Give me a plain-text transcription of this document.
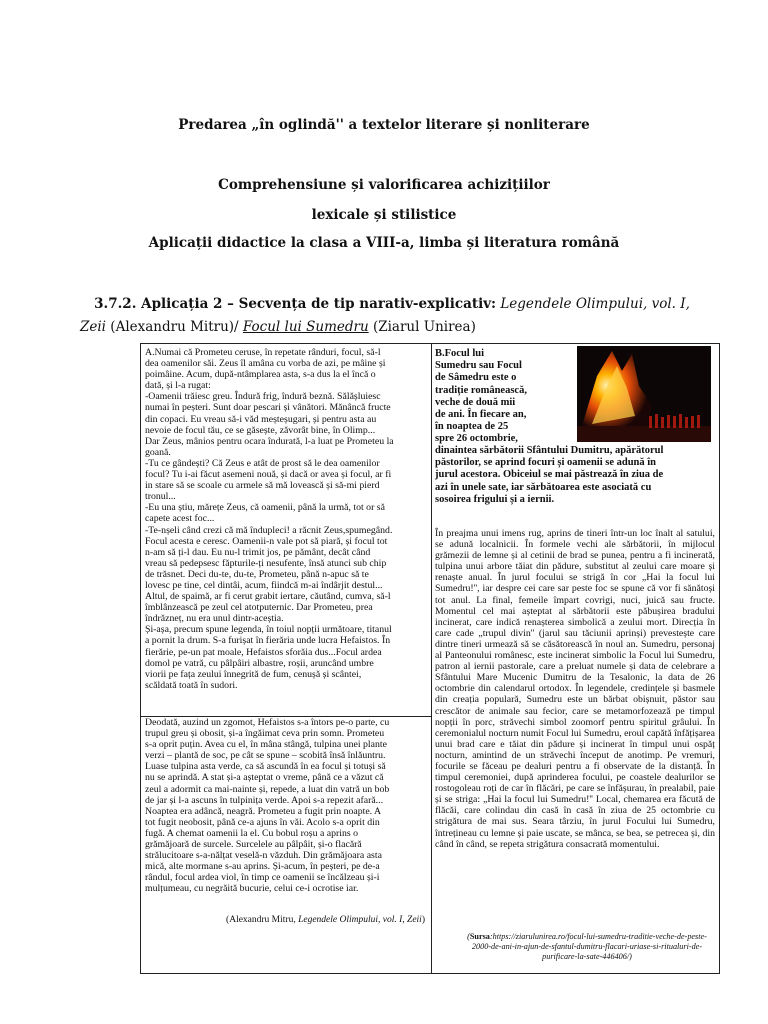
Predarea „în oglindă'' a textelor literare și nonliterare
Comprehensiune și valorificarea achizițiilor
lexicale și stilistice
Aplicații didactice la clasa a VIII-a, limba și literatura română
3.7.2. Aplicația 2 – Secvența de tip narativ-explicativ: Legendele Olimpului, vol. I,
Zeii (Alexandru Mitru)/ Focul lui Sumedru (Ziarul Unirea)

A.Numai că Prometeu ceruse, în repetate rânduri, focul, să-l
dea oamenilor săi. Zeus îl amâna cu vorba de azi, pe mâine și
poimâine. Acum, după-ntâmplarea asta, s-a dus la el încă o
dată, și l-a rugat:
-Oamenii trăiesc greu. Îndură frig, îndură beznă. Sălășluiesc
numai în peșteri. Sunt doar pescari și vânători. Mănâncă fructe
din copaci. Eu vreau să-i văd meșteșugari, și pentru asta au
nevoie de focul tău, ce se găsește, zăvorât bine, în Olimp...
Dar Zeus, mânios pentru ocara îndurată, l-a luat pe Prometeu la
goană.
-Tu ce gândești? Că Zeus e atât de prost să le dea oamenilor
focul? Tu i-ai făcut asemeni nouă, și dacă or avea și focul, ar fi
in stare să se scoale cu armele să mă lovească și să-mi pierd
tronul...
-Eu una știu, mărețe Zeus, că oamenii, până la urmă, tot or să
capete acest foc...
-Te-nșeli când crezi că mă îndupleci! a răcnit Zeus,spumegând.
Focul acesta e ceresc. Oamenii-n vale pot să piară, și focul tot
n-am să ți-l dau. Eu nu-l trimit jos, pe pământ, decât când
vreau să pedepsesc făpturile-ți nesufente, însă atunci sub chip
de trăsnet. Deci du-te, du-te, Prometeu, până n-apuc să te
lovesc pe tine, cel dintâi, acum, fiindcă m-ai îndârjit destul...
Altul, de spaimă, ar fi cerut grabit iertare, căutând, cumva, să-l
îmblânzească pe zeul cel atotputernic. Dar Prometeu, prea
îndrăzneț, nu era unul dintr-aceștia.
Și-așa, precum spune legenda, în toiul nopții următoare, titanul
a pornit la drum. S-a furișat în fierăria unde lucra Hefaistos. În
fierărie, pe-un pat moale, Hefaistos sforăia dus...Focul ardea
domol pe vatră, cu pâlpâiri albastre, roșii, aruncând umbre
viorii pe fața zeului înnegrită de fum, cenușă și scântei,
scăldată toată în sudori.

Deodată, auzind un zgomot, Hefaistos s-a întors pe-o parte, cu
trupul greu și obosit, și-a îngăimat ceva prin somn. Prometeu
s-a oprit puțin. Avea cu el, în mâna stângă, tulpina unei plante
verzi – plantă de soc, pe cât se spune – scobită însă înlăuntru.
Luase tulpina asta verde, ca să ascundă în ea focul și totuși să
nu se aprindă. A stat și-a așteptat o vreme, până ce a văzut că
zeul a adormit ca mai-nainte și, repede, a luat din vatră un bob
de jar și l-a ascuns în tulpinița verde. Apoi s-a repezit afară...
Noaptea era adâncă, neagră. Prometeu a fugit prin noapte. A
tot fugit neobosit, până ce-a ajuns în văi. Acolo s-a oprit din
fugă. A chemat oamenii la el. Cu bobul roșu a aprins o
grămăjoară de surcele. Surcelele au pâlpâit, și-o flacără
strălucitoare s-a-nălțat veselă-n văzduh. Din grămăjoara asta
mică, alte mormane s-au aprins. Și-acum, în peșteri, pe de-a
rândul, focul ardea viol, în timp ce oamenii se încălzeau și-i
mulțumeau, cu negrăită bucurie, celui ce-i ocrotise iar.

(Alexandru Mitru, Legendele Olimpului, vol. I, Zeii)
B.Focul lui
Sumedru sau Focul
de Sâmedru este o
tradiție românească,
veche de două mii
de ani. În fiecare an,
în noaptea de 25
spre 26 octombrie,
dinaintea sărbătorii Sfântului Dumitru, apărătorul
păstorilor, se aprind focuri și oamenii se adună în
jurul acestora. Obiceiul se mai păstrează în ziua de
azi în unele sate, iar sărbătoarea este asociată cu
sosoirea frigului și a iernii.
În preajma unui imens rug, aprins de tineri într-un loc înalt al satului, se adună localnicii. În formele vechi ale sărbătorii, în mijlocul grămezii de lemne și al cetinii de brad se punea, pentru a fi incinerată, tulpina unui arbore tăiat din pădure, substitut al zeului care moare și renaște anual. În jurul focului se strigă în cor „Hai la focul lui Sumedru!'', iar despre cei care sar peste foc se spune că vor fi sănătoși tot anul. La final, femeile împart covrigi, nuci, juică sau fructe. Momentul cel mai așteptat al sărbătorii este păbușirea bradului incinerat, care indică renașterea simbolică a zeului mort. Direcția în care cade „trupul divin'' (jarul sau tăciunii aprinși) prevestește care dintre tineri urmează să se căsătorească în noul an. Sumedru, personaj al Panteonului românesc, este incinerat simbolic la Focul lui Sumedru, patron al iernii pastorale, care a preluat numele și data de celebrare a Sfântului Mare Mucenic Dumitru de la Tesalonic, la data de 26 octombrie din calendarul ortodox. În legendele, credințele și basmele din creația populară, Sumedru este un bărbat obișnuit, păstor sau crescător de animale sau fecior, care se metamorfozează pe timpul nopții în porc, străvechi simbol zoomorf pentru spiritul grâului. În ceremonialul nocturn numit Focul lui Sumedru, eroul capătă înfățișarea unui brad care e tăiat din pădure și incinerat în timpul unui ospăț nocturn, amintind de un străvechi început de anotimp. Pe vremuri, focurile se făceau pe dealuri pentru a fi observate de la distanță. În timpul ceremoniei, după aprinderea focului, pe coastele dealurilor se rostogoleau roți de car în flăcări, pe care se înfășurau, în prealabil, paie și se striga: „Hai la focul lui Sumedru!'' Local, chemarea era făcută de flăcăi, care colindau din casă în casă în ziua de 25 octombrie cu strigătura de mai sus. Seara târziu, în jurul Focului lui Sumedru, întrețineau cu lemne și paie uscate, se mânca, se bea, se petrecea și, din când în când, se repeta strigătura consacrată momentului.
(Sursa:https://ziarulunirea.ro/focul-lui-sumedru-traditie-veche-de-peste-2000-de-ani-in-ajun-de-sfantul-dumitru-flacari-uriase-si-ritualuri-de-purificare-la-sate-446406/)
